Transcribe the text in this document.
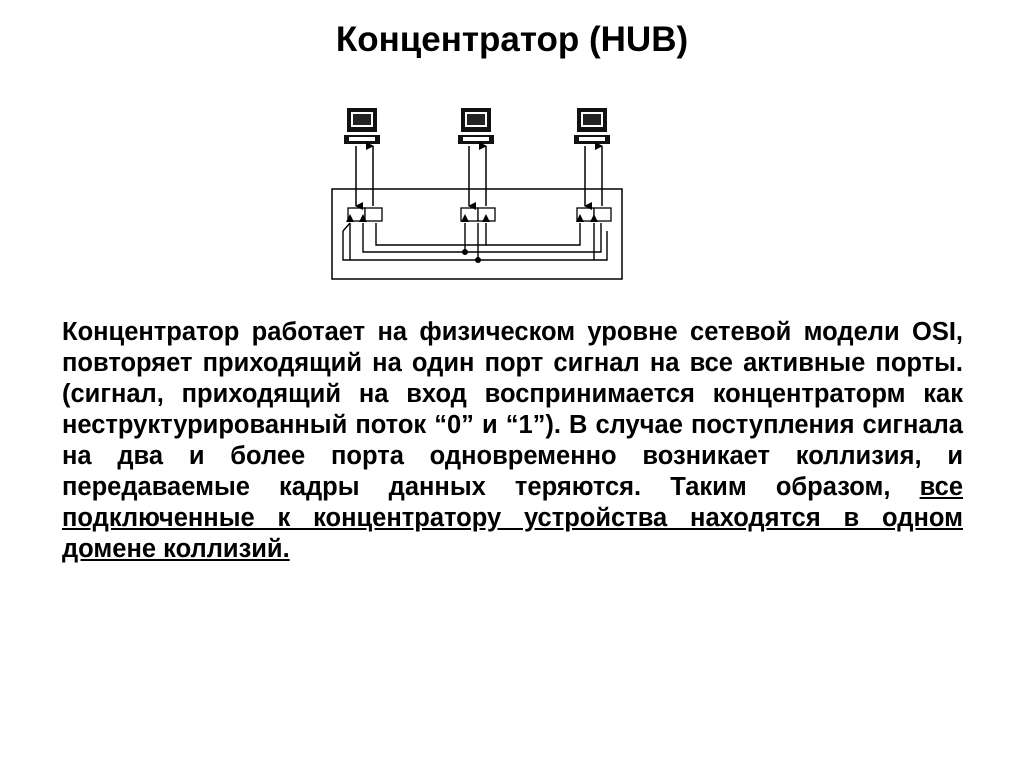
Концентратор (HUB)

Концентратор работает на физическом уровне сетевой модели OSI, повторяет приходящий на один порт сигнал на все активные порты. (сигнал, приходящий на вход воспринимается концентраторм как неструктурированный поток “0” и “1”). В случае поступления сигнала на два и более порта одновременно возникает коллизия, и передаваемые кадры данных теряются. Таким образом, все подключенные к концентратору устройства находятся в одном домене коллизий.
